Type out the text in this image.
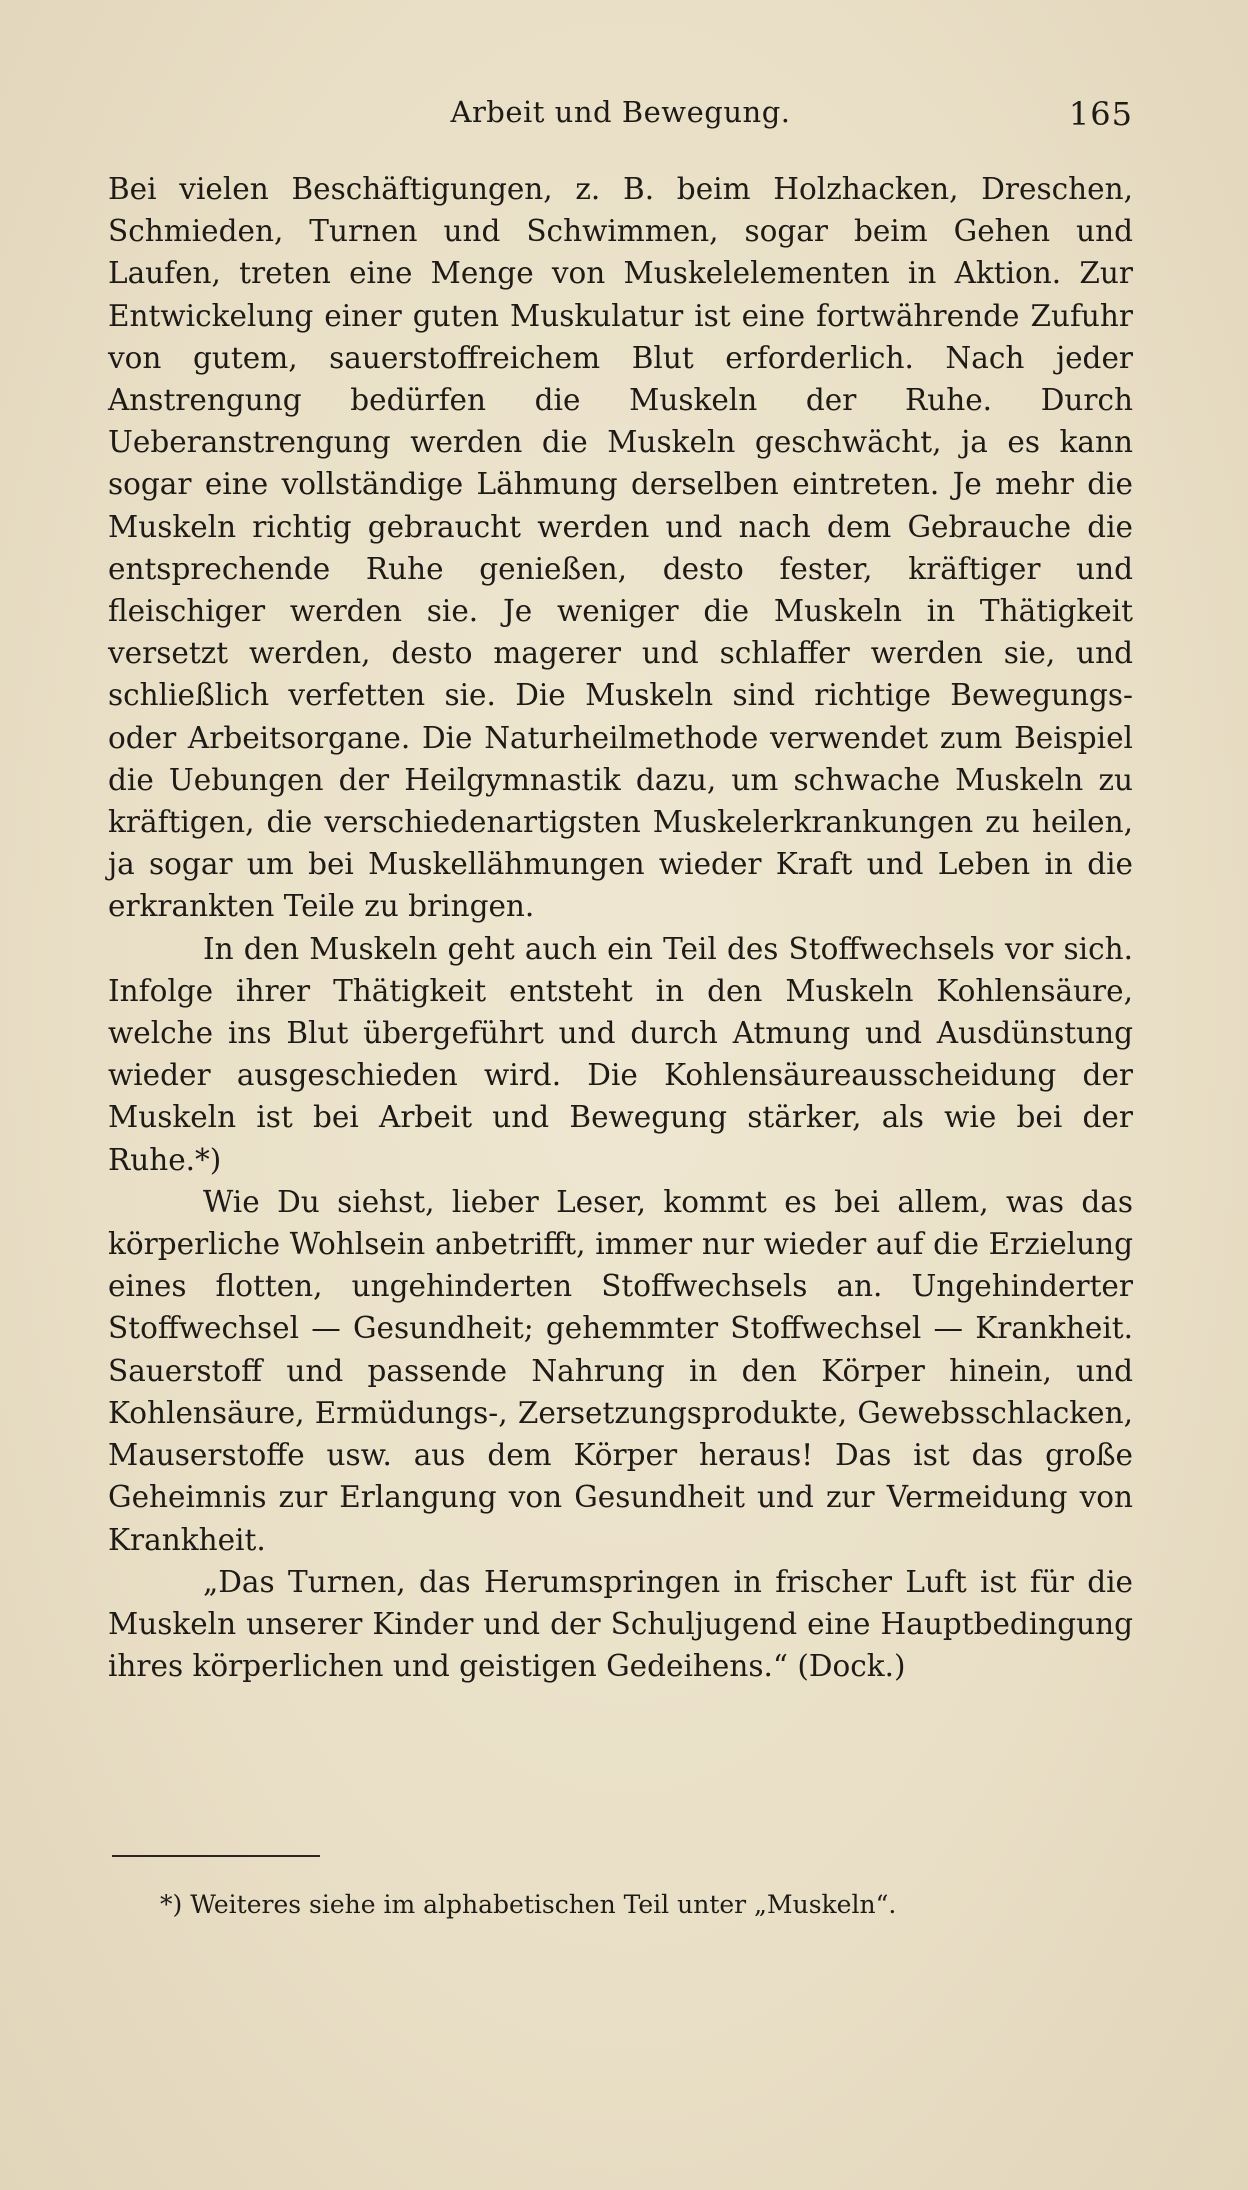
Arbeit und Bewegung.	165

Bei vielen Beschäftigungen, z. B. beim Holzhacken, Dreschen, Schmieden, Turnen und Schwimmen, sogar beim Gehen und Laufen, treten eine Menge von Muskelelementen in Aktion. Zur Entwickelung einer guten Muskulatur ist eine fortwährende Zufuhr von gutem, sauerstoffreichem Blut erforderlich. Nach jeder Anstrengung bedürfen die Muskeln der Ruhe. Durch Ueberanstrengung werden die Muskeln geschwächt, ja es kann sogar eine vollständige Lähmung derselben eintreten. Je mehr die Muskeln richtig gebraucht werden und nach dem Gebrauche die entsprechende Ruhe genießen, desto fester, kräftiger und fleischiger werden sie. Je weniger die Muskeln in Thätigkeit versetzt werden, desto magerer und schlaffer werden sie, und schließlich verfetten sie. Die Muskeln sind richtige Bewegungs- oder Arbeitsorgane. Die Naturheilmethode verwendet zum Beispiel die Uebungen der Heilgymnastik dazu, um schwache Muskeln zu kräftigen, die verschiedenartigsten Muskelerkrankungen zu heilen, ja sogar um bei Muskellähmungen wieder Kraft und Leben in die erkrankten Teile zu bringen.

In den Muskeln geht auch ein Teil des Stoffwechsels vor sich. Infolge ihrer Thätigkeit entsteht in den Muskeln Kohlensäure, welche ins Blut übergeführt und durch Atmung und Ausdünstung wieder ausgeschieden wird. Die Kohlensäureausscheidung der Muskeln ist bei Arbeit und Bewegung stärker, als wie bei der Ruhe.*)

Wie Du siehst, lieber Leser, kommt es bei allem, was das körperliche Wohlsein anbetrifft, immer nur wieder auf die Erzielung eines flotten, ungehinderten Stoffwechsels an. Ungehinderter Stoffwechsel — Gesundheit; gehemmter Stoffwechsel — Krankheit. Sauerstoff und passende Nahrung in den Körper hinein, und Kohlensäure, Ermüdungs-, Zersetzungsprodukte, Gewebsschlacken, Mauserstoffe usw. aus dem Körper heraus! Das ist das große Geheimnis zur Erlangung von Gesundheit und zur Vermeidung von Krankheit.

„Das Turnen, das Herumspringen in frischer Luft ist für die Muskeln unserer Kinder und der Schuljugend eine Hauptbedingung ihres körperlichen und geistigen Gedeihens.“ (Dock.)

*) Weiteres siehe im alphabetischen Teil unter „Muskeln“.
